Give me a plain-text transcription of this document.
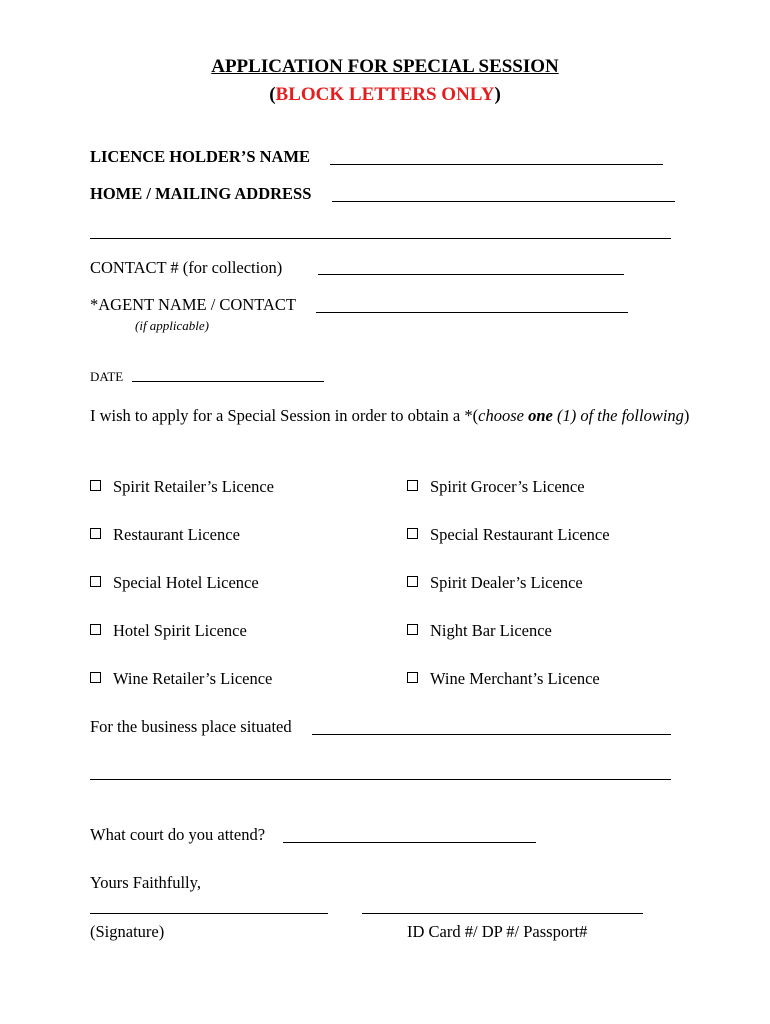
APPLICATION FOR SPECIAL SESSION
(BLOCK LETTERS ONLY)
LICENCE HOLDER’S NAME
HOME / MAILING ADDRESS
CONTACT # (for collection)
*AGENT NAME / CONTACT
(if applicable)
DATE
I wish to apply for a Special Session in order to obtain a *(choose one (1) of the following)
Spirit Retailer’s Licence
Restaurant Licence
Special Hotel Licence
Hotel Spirit Licence
Wine Retailer’s Licence
Spirit Grocer’s Licence
Special Restaurant Licence
Spirit Dealer’s Licence
Night Bar Licence
Wine Merchant’s Licence
For the business place situated
What court do you attend?
Yours Faithfully,
(Signature)	ID Card #/ DP #/ Passport#
